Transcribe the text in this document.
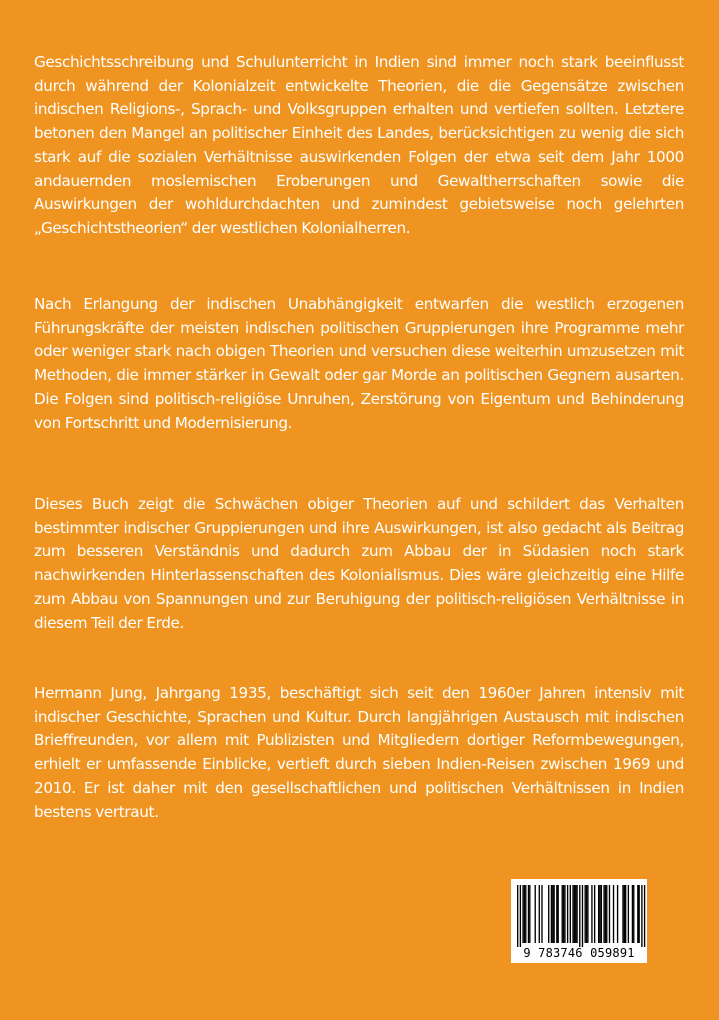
Geschichtsschreibung und Schulunterricht in Indien sind immer noch stark beeinflusst durch während der Kolonialzeit entwickelte Theorien, die die Gegensätze zwischen indischen Religions-, Sprach- und Volksgruppen erhalten und vertiefen sollten. Letztere betonen den Mangel an politischer Einheit des Landes, berücksichtigen zu wenig die sich stark auf die sozialen Verhältnisse auswirkenden Folgen der etwa seit dem Jahr 1000 andauernden moslemischen Eroberungen und Gewaltherrschaften sowie die Auswirkungen der wohldurchdachten und zumindest gebietsweise noch gelehrten „Geschichtstheorien“ der westlichen Kolonialherren.

Nach Erlangung der indischen Unabhängigkeit entwarfen die westlich erzogenen Führungskräfte der meisten indischen politischen Gruppierungen ihre Programme mehr oder weniger stark nach obigen Theorien und versuchen diese weiterhin umzusetzen mit Methoden, die immer stärker in Gewalt oder gar Morde an politischen Gegnern ausarten. Die Folgen sind politisch-religiöse Unruhen, Zerstörung von Eigentum und Behinderung von Fortschritt und Modernisierung.

Dieses Buch zeigt die Schwächen obiger Theorien auf und schildert das Verhalten bestimmter indischer Gruppierungen und ihre Auswirkungen, ist also gedacht als Beitrag zum besseren Verständnis und dadurch zum Abbau der in Südasien noch stark nachwirkenden Hinterlassenschaften des Kolonialismus. Dies wäre gleichzeitig eine Hilfe zum Abbau von Spannungen und zur Beruhigung der politisch-religiösen Verhältnisse in diesem Teil der Erde.

Hermann Jung, Jahrgang 1935, beschäftigt sich seit den 1960er Jahren intensiv mit indischer Geschichte, Sprachen und Kultur. Durch langjährigen Austausch mit indischen Brieffreunden, vor allem mit Publizisten und Mitgliedern dortiger Reformbewegungen, erhielt er umfassende Einblicke, vertieft durch sieben Indien-Reisen zwischen 1969 und 2010. Er ist daher mit den gesellschaftlichen und politischen Verhältnissen in Indien bestens vertraut.

9 783746 059891
